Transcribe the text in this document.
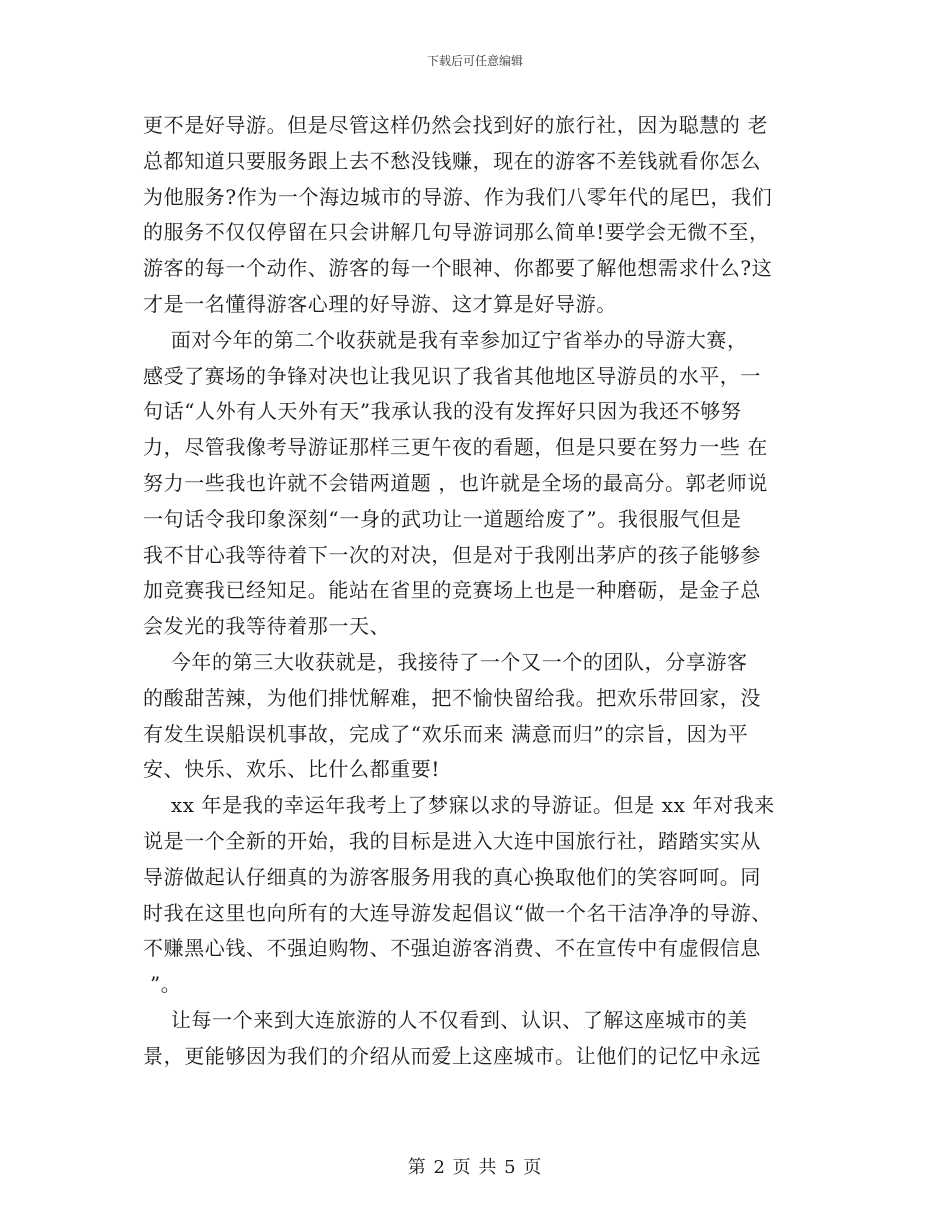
下载后可任意编辑
更不是好导游。但是尽管这样仍然会找到好的旅行社，因为聪慧的 老
总都知道只要服务跟上去不愁没钱赚，现在的游客不差钱就看你怎么
为他服务?作为一个海边城市的导游、作为我们八零年代的尾巴，我们
的服务不仅仅停留在只会讲解几句导游词那么简单!要学会无微不至，
游客的每一个动作、游客的每一个眼神、你都要了解他想需求什么?这
才是一名懂得游客心理的好导游、这才算是好导游。
面对今年的第二个收获就是我有幸参加辽宁省举办的导游大赛，
感受了赛场的争锋对决也让我见识了我省其他地区导游员的水平，一
句话“人外有人天外有天”我承认我的没有发挥好只因为我还不够努
力，尽管我像考导游证那样三更午夜的看题，但是只要在努力一些 在
努力一些我也许就不会错两道题 ，也许就是全场的最高分。郭老师说
一句话令我印象深刻“一身的武功让一道题给废了”。我很服气但是
我不甘心我等待着下一次的对决，但是对于我刚出茅庐的孩子能够参
加竞赛我已经知足。能站在省里的竞赛场上也是一种磨砺，是金子总
会发光的我等待着那一天、
今年的第三大收获就是，我接待了一个又一个的团队，分享游客
的酸甜苦辣，为他们排忧解难，把不愉快留给我。把欢乐带回家，没
有发生误船误机事故，完成了“欢乐而来 满意而归”的宗旨，因为平
安、快乐、欢乐、比什么都重要!
xx 年是我的幸运年我考上了梦寐以求的导游证。但是 xx 年对我来
说是一个全新的开始，我的目标是进入大连中国旅行社，踏踏实实从
导游做起认仔细真的为游客服务用我的真心换取他们的笑容呵呵。同
时我在这里也向所有的大连导游发起倡议“做一个名干洁净净的导游、
不赚黑心钱、不强迫购物、不强迫游客消费、不在宣传中有虚假信息
”。
让每一个来到大连旅游的人不仅看到、认识、了解这座城市的美
景，更能够因为我们的介绍从而爱上这座城市。让他们的记忆中永远
第 2 页 共 5 页
